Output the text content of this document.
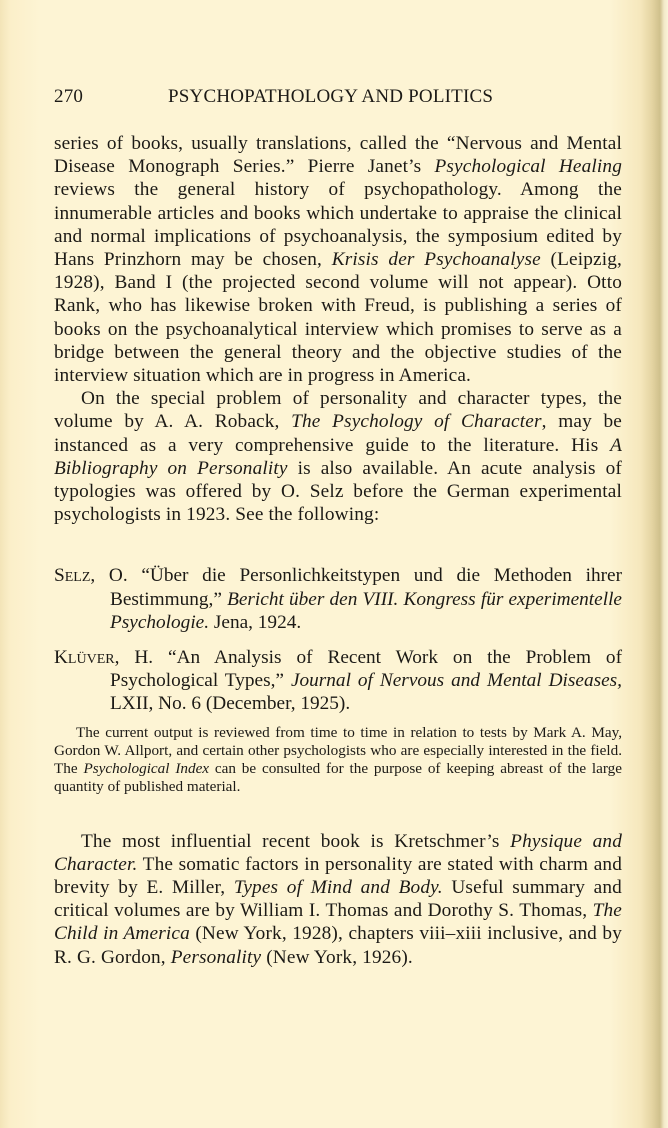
270	PSYCHOPATHOLOGY AND POLITICS

series of books, usually translations, called the “Nervous and Mental Disease Monograph Series.” Pierre Janet’s Psychological Healing reviews the general history of psychopathology. Among the innumerable articles and books which undertake to appraise the clinical and normal implications of psychoanalysis, the symposium edited by Hans Prinzhorn may be chosen, Krisis der Psychoanalyse (Leipzig, 1928), Band I (the projected second volume will not appear). Otto Rank, who has likewise broken with Freud, is publishing a series of books on the psychoanalytical interview which promises to serve as a bridge between the general theory and the objective studies of the interview situation which are in progress in America.

On the special problem of personality and character types, the volume by A. A. Roback, The Psychology of Character, may be instanced as a very comprehensive guide to the literature. His A Bibliography on Personality is also available. An acute analysis of typologies was offered by O. Selz before the German experimental psychologists in 1923. See the following:

Selz, O. “Über die Personlichkeitstypen und die Methoden ihrer Bestimmung,” Bericht über den VIII. Kongress für experimentelle Psychologie. Jena, 1924.
Klüver, H. “An Analysis of Recent Work on the Problem of Psychological Types,” Journal of Nervous and Mental Diseases, LXII, No. 6 (December, 1925).
The current output is reviewed from time to time in relation to tests by Mark A. May, Gordon W. Allport, and certain other psychologists who are especially interested in the field. The Psychological Index can be consulted for the purpose of keeping abreast of the large quantity of published material.

The most influential recent book is Kretschmer’s Physique and Character. The somatic factors in personality are stated with charm and brevity by E. Miller, Types of Mind and Body. Useful summary and critical volumes are by William I. Thomas and Dorothy S. Thomas, The Child in America (New York, 1928), chapters viii–xiii inclusive, and by R. G. Gordon, Personality (New York, 1926).
